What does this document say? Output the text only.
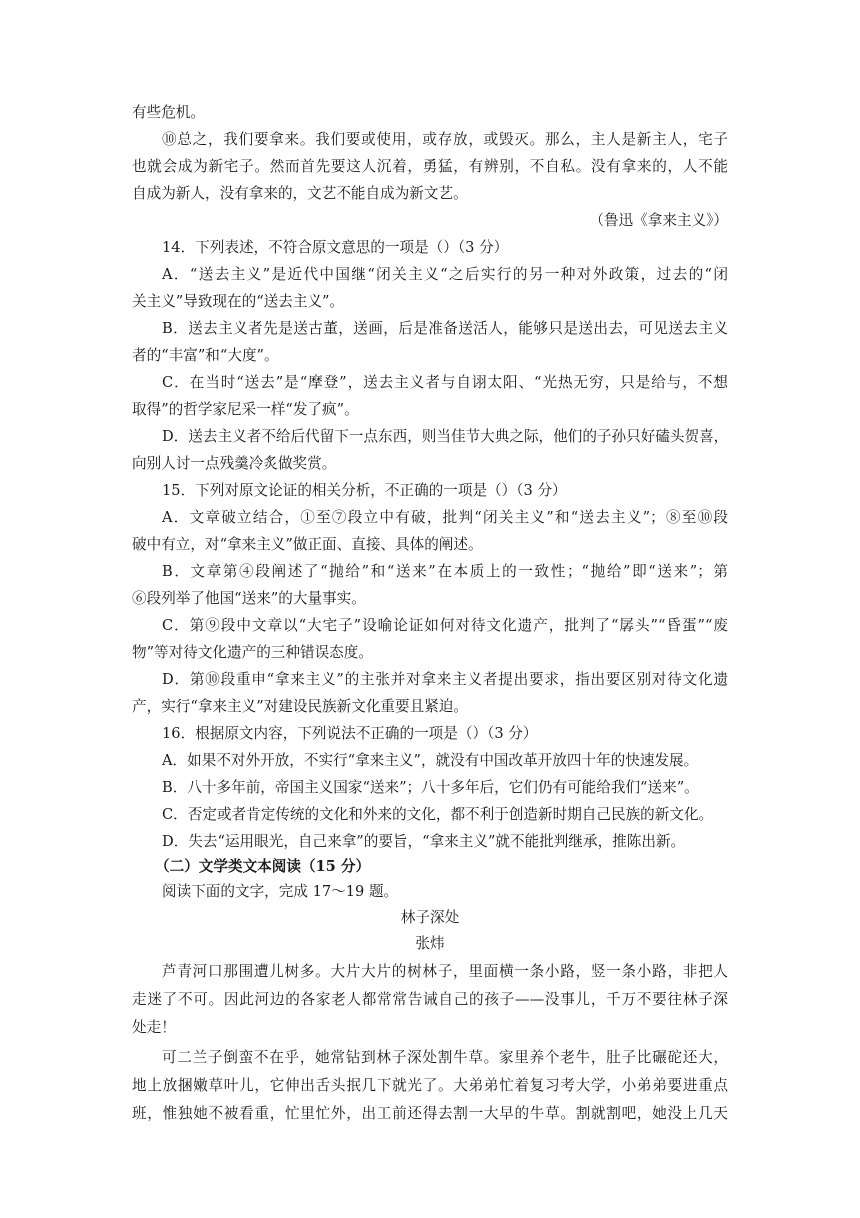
有些危机。
⑩总之，我们要拿来。我们要或使用，或存放，或毁灭。那么，主人是新主人，宅子
也就会成为新宅子。然而首先要这人沉着，勇猛，有辨别，不自私。没有拿来的，人不能
自成为新人，没有拿来的，文艺不能自成为新文艺。
（鲁迅《拿来主义》）
14．下列表述，不符合原文意思的一项是（）（3 分）
A．“送去主义”是近代中国继“闭关主义“之后实行的另一种对外政策，过去的“闭
关主义”导致现在的“送去主义”。
B．送去主义者先是送古董，送画，后是准备送活人，能够只是送出去，可见送去主义
者的“丰富”和“大度”。
C．在当时“送去”是“摩登”，送去主义者与自诩太阳、“光热无穷，只是给与，不想
取得”的哲学家尼采一样“发了疯”。
D．送去主义者不给后代留下一点东西，则当佳节大典之际，他们的子孙只好磕头贺喜，
向别人讨一点残羹冷炙做奖赏。
15．下列对原文论证的相关分析，不正确的一项是（）（3 分）
A．文章破立结合，①至⑦段立中有破，批判“闭关主义”和“送去主义”；⑧至⑩段
破中有立，对“拿来主义”做正面、直接、具体的阐述。
B．文章第④段阐述了“抛给”和“送来”在本质上的一致性；“抛给”即“送来”；第
⑥段列举了他国“送来”的大量事实。
C．第⑨段中文章以“大宅子”设喻论证如何对待文化遗产，批判了“孱头”“昏蛋”“废
物”等对待文化遗产的三种错误态度。
D．第⑩段重申“拿来主义”的主张并对拿来主义者提出要求，指出要区别对待文化遗
产，实行“拿来主义”对建设民族新文化重要且紧迫。
16．根据原文内容，下列说法不正确的一项是（）（3 分）
A．如果不对外开放，不实行“拿来主义”，就没有中国改革开放四十年的快速发展。
B．八十多年前，帝国主义国家“送来”；八十多年后，它们仍有可能给我们“送来”。
C．否定或者肯定传统的文化和外来的文化，都不利于创造新时期自己民族的新文化。
D．失去“运用眼光，自己来拿”的要旨，“拿来主义”就不能批判继承，推陈出新。
（二）文学类文本阅读（15 分）
阅读下面的文字，完成 17～19 题。
林子深处
张炜
芦青河口那围遭儿树多。大片大片的树林子，里面横一条小路，竖一条小路，非把人
走迷了不可。因此河边的各家老人都常常告诫自己的孩子——没事儿，千万不要往林子深
处走！
可二兰子倒蛮不在乎，她常钻到林子深处割牛草。家里养个老牛，肚子比碾砣还大，
地上放捆嫩草叶儿，它伸出舌头抿几下就光了。大弟弟忙着复习考大学，小弟弟要进重点
班，惟独她不被看重，忙里忙外，出工前还得去割一大早的牛草。割就割吧，她没上几天
